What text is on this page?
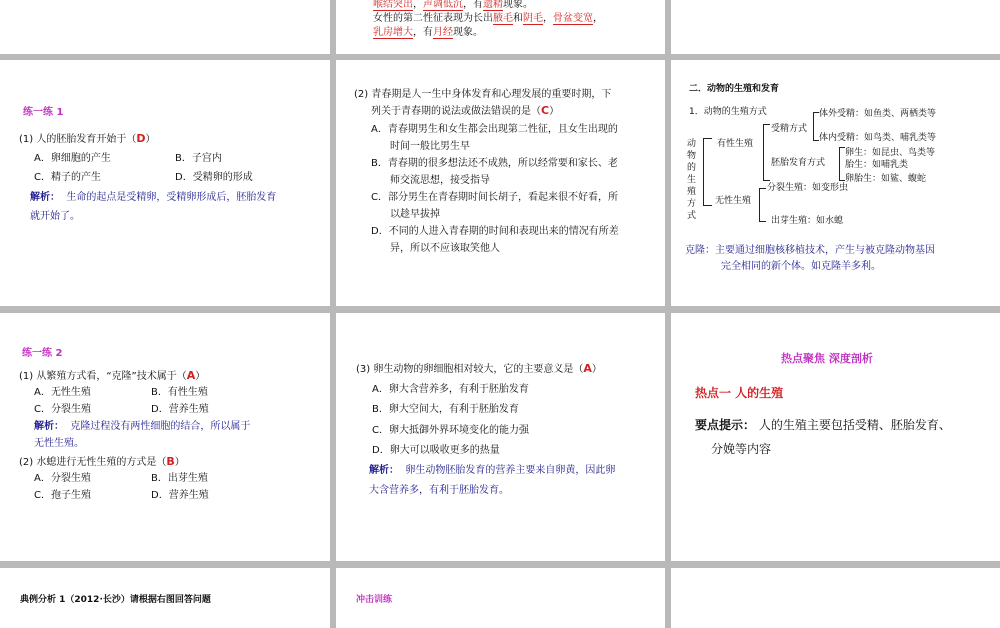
喉结突出，声调低沉，有遗精现象。
女性的第二性征表现为长出腋毛和阴毛，骨盆变宽，
乳房增大，有月经现象。
练一练 1
(1) 人的胚胎发育开始于（D）
A．卵细胞的产生	B．子宫内
C．精子的产生	D．受精卵的形成
解析： 生命的起点是受精卵，受精卵形成后，胚胎发育
就开始了。
(2) 青春期是人一生中身体发育和心理发展的重要时期，下
列关于青春期的说法或做法错误的是（C）
A．青春期男生和女生都会出现第二性征，且女生出现的
时间一般比男生早
B．青春期的很多想法还不成熟，所以经常要和家长、老
师交流思想，接受指导
C．部分男生在青春期时间长胡子，看起来很不好看，所
以趁早拔掉
D．不同的人进入青春期的时间和表现出来的情况有所差
异，所以不应该取笑他人
二．动物的生殖和发育
1．动物的生殖方式
动物的生殖方式
有性生殖
受精方式
体外受精：如鱼类、两栖类等
体内受精：如鸟类、哺乳类等
胚胎发育方式
卵生：如昆虫、鸟类等
胎生：如哺乳类
卵胎生：如鲨、蝮蛇
无性生殖
分裂生殖：如变形虫
出芽生殖：如水螅
克隆：主要通过细胞核移植技术，产生与被克隆动物基因
完全相同的新个体。如克隆羊多利。
练一练 2
(1) 从繁殖方式看，“克隆”技术属于（A）
A．无性生殖	B．有性生殖
C．分裂生殖	D．营养生殖
解析： 克隆过程没有两性细胞的结合，所以属于
无性生殖。
(2) 水螅进行无性生殖的方式是（B）
A．分裂生殖	B．出芽生殖
C．孢子生殖	D．营养生殖
(3) 卵生动物的卵细胞相对较大，它的主要意义是（A）
A．卵大含营养多，有利于胚胎发育
B．卵大空间大，有利于胚胎发育
C．卵大抵御外界环境变化的能力强
D．卵大可以吸收更多的热量
解析： 卵生动物胚胎发育的营养主要来自卵黄，因此卵
大含营养多，有利于胚胎发育。
热点聚焦 深度剖析
热点一 人的生殖
要点提示： 人的生殖主要包括受精、胚胎发育、
分娩等内容
典例分析 1（2012·长沙）请根据右图回答问题	冲击训练
